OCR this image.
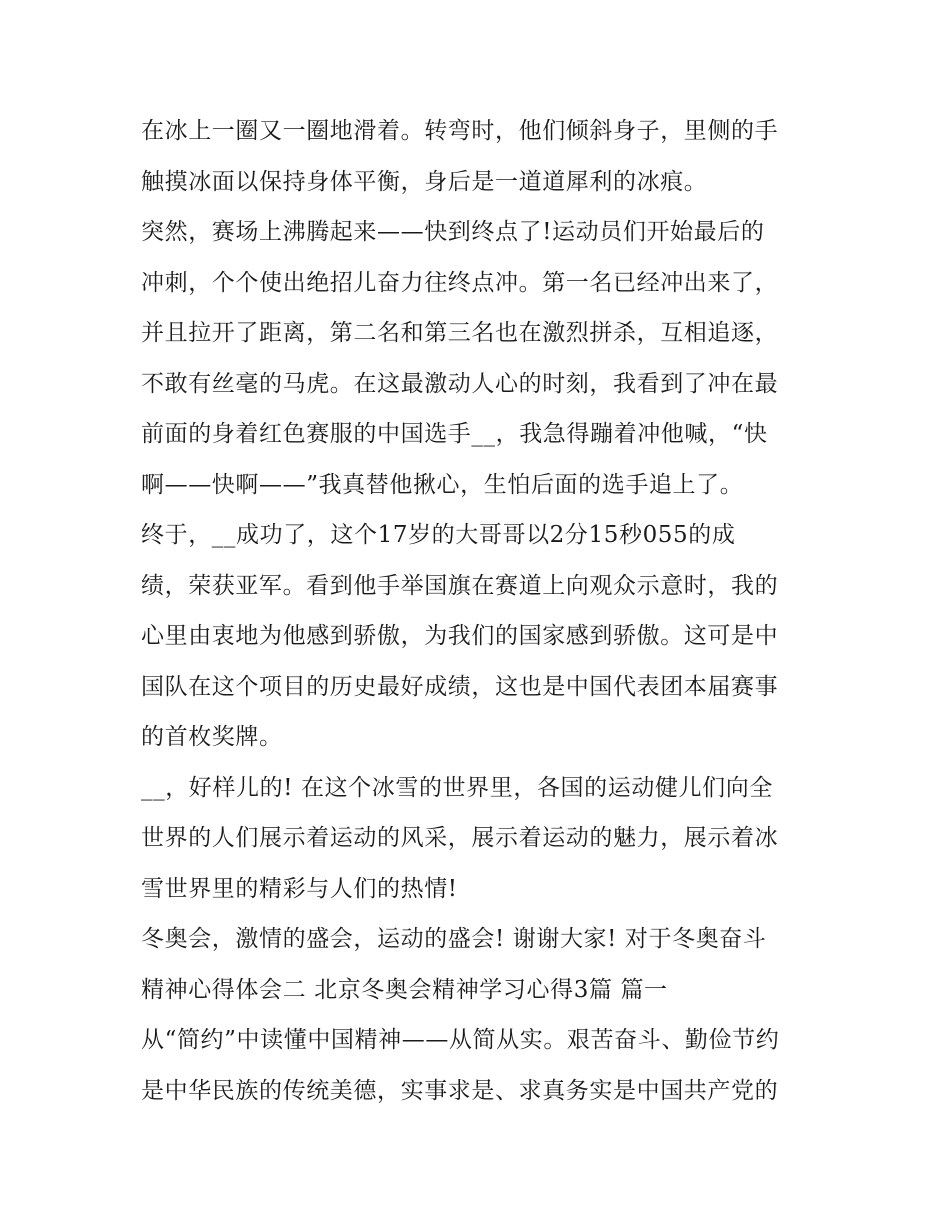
在冰上一圈又一圈地滑着。转弯时，他们倾斜身子，里侧的手
触摸冰面以保持身体平衡，身后是一道道犀利的冰痕。
突然，赛场上沸腾起来——快到终点了!运动员们开始最后的
冲刺，个个使出绝招儿奋力往终点冲。第一名已经冲出来了，
并且拉开了距离，第二名和第三名也在激烈拼杀，互相追逐，
不敢有丝毫的马虎。在这最激动人心的时刻，我看到了冲在最
前面的身着红色赛服的中国选手__，我急得蹦着冲他喊，“快
啊——快啊——”我真替他揪心，生怕后面的选手追上了。
终于，__成功了，这个17岁的大哥哥以2分15秒055的成
绩，荣获亚军。看到他手举国旗在赛道上向观众示意时，我的
心里由衷地为他感到骄傲，为我们的国家感到骄傲。这可是中
国队在这个项目的历史最好成绩，这也是中国代表团本届赛事
的首枚奖牌。
__，好样儿的! 在这个冰雪的世界里，各国的运动健儿们向全
世界的人们展示着运动的风采，展示着运动的魅力，展示着冰
雪世界里的精彩与人们的热情!
冬奥会，激情的盛会，运动的盛会! 谢谢大家! 对于冬奥奋斗
精神心得体会二 北京冬奥会精神学习心得3篇 篇一
从“简约”中读懂中国精神——从简从实。艰苦奋斗、勤俭节约
是中华民族的传统美德，实事求是、求真务实是中国共产党的
